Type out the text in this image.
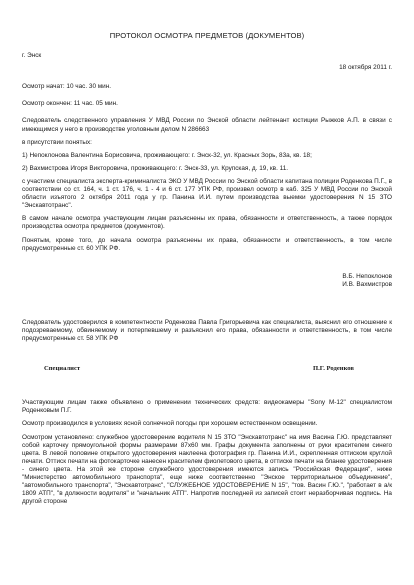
ПРОТОКОЛ ОСМОТРА ПРЕДМЕТОВ (ДОКУМЕНТОВ)
г. Энск
18 октября 2011 г.
Осмотр начат: 10 час. 30 мин.
Осмотр окончен: 11 час. 05 мин.

Следователь следственного управления У МВД России по Энской области лейтенант юстиции Рыжков А.П. в связи с имеющимся у него в производстве уголовным делом N 286663

в присутствии понятых:

1) Непоклонова Валентина Борисовича, проживающего: г. Энск-32, ул. Красных Зорь, 83а, кв. 18;

2) Вахмистрова Игоря Викторовича, проживающего: г. Энск-33, ул. Крупская, д. 19, кв. 11.

с участием специалиста эксперта-криминалиста ЭКО У МВД России по Энской области капитана полиции Роденкова П.Г., в соответствии со ст. 164, ч. 1 ст. 176, ч. 1 - 4 и 6 ст. 177 УПК РФ, произвел осмотр в каб. 325 У МВД России по Энской области изъятого 2 октября 2011 года у гр. Панина И.И. путем производства выемки удостоверения N 15 ЗТО "Энскавтотранс".

В самом начале осмотра участвующим лицам разъяснены их права, обязанности и ответственность, а также порядок производства осмотра предметов (документов).

Понятым, кроме того, до начала осмотра разъяснены их права, обязанности и ответственность, в том числе предусмотренные ст. 60 УПК РФ.

В.Б. Непоклонов
И.В. Вахмистров

Следователь удостоверился в компетентности Роденкова Павла Григорьевича как специалиста, выяснил его отношение к подозреваемому, обвиняемому и потерпевшему и разъяснил его права, обязанности и ответственность, в том числе предусмотренные ст. 58 УПК РФ

Специалист	П.Г. Роденков

Участвующим лицам также объявлено о применении технических средств: видеокамеры "Sony M-12" специалистом Роденковым П.Г.

Осмотр производился в условиях ясной солнечной погоды при хорошем естественном освещении.

Осмотром установлено: служебное удостоверение водителя N 15 ЗТО "Энскавтотранс" на имя Васина Г.Ю. представляет собой карточку прямоугольной формы размерами 87x60 мм. Графы документа заполнены от руки красителем синего цвета. В левой половине открытого удостоверения наклеена фотография гр. Панина И.И., скрепленная оттиском круглой печати. Оттиск печати на фотокарточке нанесен красителем фиолетового цвета, в оттиске печати на бланке удостоверения - синего цвета. На этой же стороне служебного удостоверения имеются запись "Российская Федерация", ниже "Министерство автомобильного транспорта", еще ниже соответственно "Энское территориальное объединение", "автомобильного транспорта", "Энскавтотранс", "СЛУЖЕБНОЕ УДОСТОВЕРЕНИЕ N 15", "тов. Васин Г.Ю.", "работает в а/к 1809 АТП", "в должности водителя" и "начальник АТП". Напротив последней из записей стоит неразборчивая подпись. На другой стороне
